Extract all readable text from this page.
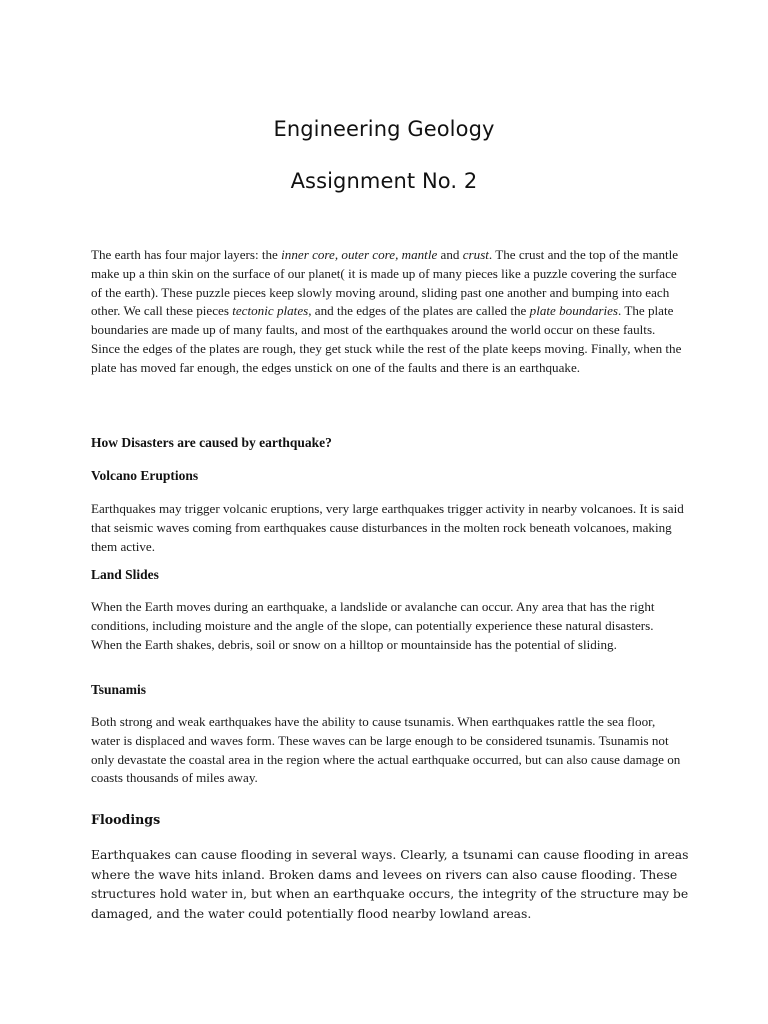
Engineering Geology
Assignment No. 2

The earth has four major layers: the inner core, outer core, mantle and crust. The crust and the top of the mantle make up a thin skin on the surface of our planet( it is made up of many pieces like a puzzle covering the surface of the earth). These puzzle pieces keep slowly moving around, sliding past one another and bumping into each other. We call these pieces tectonic plates, and the edges of the plates are called the plate boundaries. The plate boundaries are made up of many faults, and most of the earthquakes around the world occur on these faults. Since the edges of the plates are rough, they get stuck while the rest of the plate keeps moving. Finally, when the plate has moved far enough, the edges unstick on one of the faults and there is an earthquake.

How Disasters are caused by earthquake?
Volcano Eruptions

Earthquakes may trigger volcanic eruptions, very large earthquakes trigger activity in nearby volcanoes. It is said that seismic waves coming from earthquakes cause disturbances in the molten rock beneath volcanoes, making them active.

Land Slides

When the Earth moves during an earthquake, a landslide or avalanche can occur. Any area that has the right conditions, including moisture and the angle of the slope, can potentially experience these natural disasters. When the Earth shakes, debris, soil or snow on a hilltop or mountainside has the potential of sliding.

Tsunamis

Both strong and weak earthquakes have the ability to cause tsunamis. When earthquakes rattle the sea floor, water is displaced and waves form. These waves can be large enough to be considered tsunamis. Tsunamis not only devastate the coastal area in the region where the actual earthquake occurred, but can also cause damage on coasts thousands of miles away.

Floodings

Earthquakes can cause flooding in several ways. Clearly, a tsunami can cause flooding in areas where the wave hits inland. Broken dams and levees on rivers can also cause flooding. These structures hold water in, but when an earthquake occurs, the integrity of the structure may be damaged, and the water could potentially flood nearby lowland areas.
